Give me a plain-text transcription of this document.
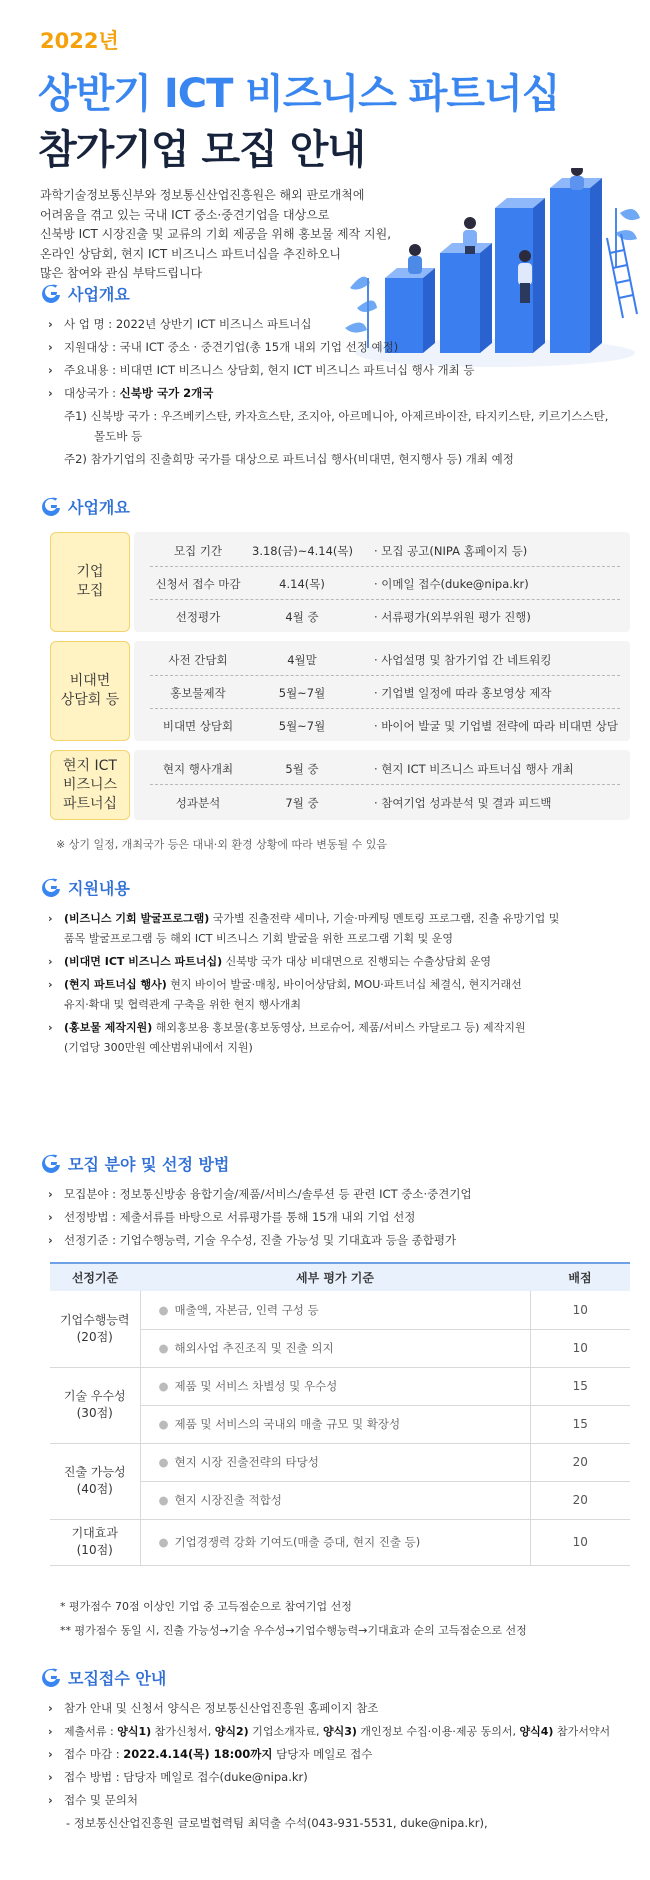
2022년
상반기 ICT 비즈니스 파트너십
참가기업 모집 안내
과학기술정보통신부와 정보통신산업진흥원은 해외 판로개척에
어려움을 겪고 있는 국내 ICT 중소·중견기업을 대상으로
신북방 ICT 시장진출 및 교류의 기회 제공을 위해 홍보물 제작 지원,
온라인 상담회, 현지 ICT 비즈니스 파트너십을 추진하오니
많은 참여와 관심 부탁드립니다
사업개요
› 사 업 명 : 2022년 상반기 ICT 비즈니스 파트너십
› 지원대상 : 국내 ICT 중소 · 중견기업(총 15개 내외 기업 선정 예정)
› 주요내용 : 비대면 ICT 비즈니스 상담회, 현지 ICT 비즈니스 파트너십 행사 개최 등
› 대상국가 : 신북방 국가 2개국
주1) 신북방 국가 : 우즈베키스탄, 카자흐스탄, 조지아, 아르메니아, 아제르바이잔, 타지키스탄, 키르기스스탄,
몰도바 등
주2) 참가기업의 진출희망 국가를 대상으로 파트너십 행사(비대면, 현지행사 등) 개최 예정
사업개요
기업
모집
모집 기간	3.18(금)~4.14(목) · 모집 공고(NIPA 홈페이지 등)
신청서 접수 마감	4.14(목)	· 이메일 접수(duke@nipa.kr)
선정평가	4월 중	· 서류평가(외부위원 평가 진행)
비대면
상담회 등
사전 간담회	4월말	· 사업설명 및 참가기업 간 네트워킹
홍보물제작	5월~7월	· 기업별 일정에 따라 홍보영상 제작
비대면 상담회	5월~7월	· 바이어 발굴 및 기업별 전략에 따라 비대면 상담
현지 ICT
비즈니스
파트너십
현지 행사개최	5월 중	· 현지 ICT 비즈니스 파트너십 행사 개최
성과분석	7월 중	· 참여기업 성과분석 및 결과 피드백
※ 상기 일정, 개최국가 등은 대내·외 환경 상황에 따라 변동될 수 있음
지원내용
› (비즈니스 기회 발굴프로그램) 국가별 진출전략 세미나, 기술·마케팅 멘토링 프로그램, 진출 유망기업 및
품목 발굴프로그램 등 해외 ICT 비즈니스 기회 발굴을 위한 프로그램 기획 및 운영
› (비대면 ICT 비즈니스 파트너십) 신북방 국가 대상 비대면으로 진행되는 수출상담회 운영
› (현지 파트너십 행사) 현지 바이어 발굴·매칭, 바이어상담회, MOU·파트너십 체결식, 현지거래선
유지·확대 및 협력관계 구축을 위한 현지 행사개최
› (홍보물 제작지원) 해외홍보용 홍보물(홍보동영상, 브로슈어, 제품/서비스 카달로그 등) 제작지원
(기업당 300만원 예산범위내에서 지원)
모집 분야 및 선정 방법
› 모집분야 : 정보통신방송 융합기술/제품/서비스/솔루션 등 관련 ICT 중소·중견기업
› 선정방법 : 제출서류를 바탕으로 서류평가를 통해 15개 내외 기업 선정
› 선정기준 : 기업수행능력, 기술 우수성, 진출 가능성 및 기대효과 등을 종합평가
선정기준	세부 평가 기준	배점

기업수행능력
(20점)	● 매출액, 자본금, 인력 구성 등	10
	● 해외사업 추진조직 및 진출 의지	10

기술 우수성
(30점)	● 제품 및 서비스 차별성 및 우수성	15
	● 제품 및 서비스의 국내외 매출 규모 및 확장성	15

진출 가능성
(40점)	● 현지 시장 진출전략의 타당성	20
	● 현지 시장진출 적합성	20

기대효과
(10점)	● 기업경쟁력 강화 기여도(매출 증대, 현지 진출 등)	10
* 평가점수 70점 이상인 기업 중 고득점순으로 참여기업 선정
** 평가점수 동일 시, 진출 가능성→기술 우수성→기업수행능력→기대효과 순의 고득점순으로 선정
모집접수 안내
› 참가 안내 및 신청서 양식은 정보통신산업진흥원 홈페이지 참조
› 제출서류 : 양식1) 참가신청서, 양식2) 기업소개자료, 양식3) 개인정보 수집·이용·제공 동의서, 양식4) 참가서약서
› 접수 마감 : 2022.4.14(목) 18:00까지 담당자 메일로 접수
› 접수 방법 : 담당자 메일로 접수(duke@nipa.kr)
› 접수 및 문의처
- 정보통신산업진흥원 글로벌협력팀 최덕출 수석(043-931-5531, duke@nipa.kr),
